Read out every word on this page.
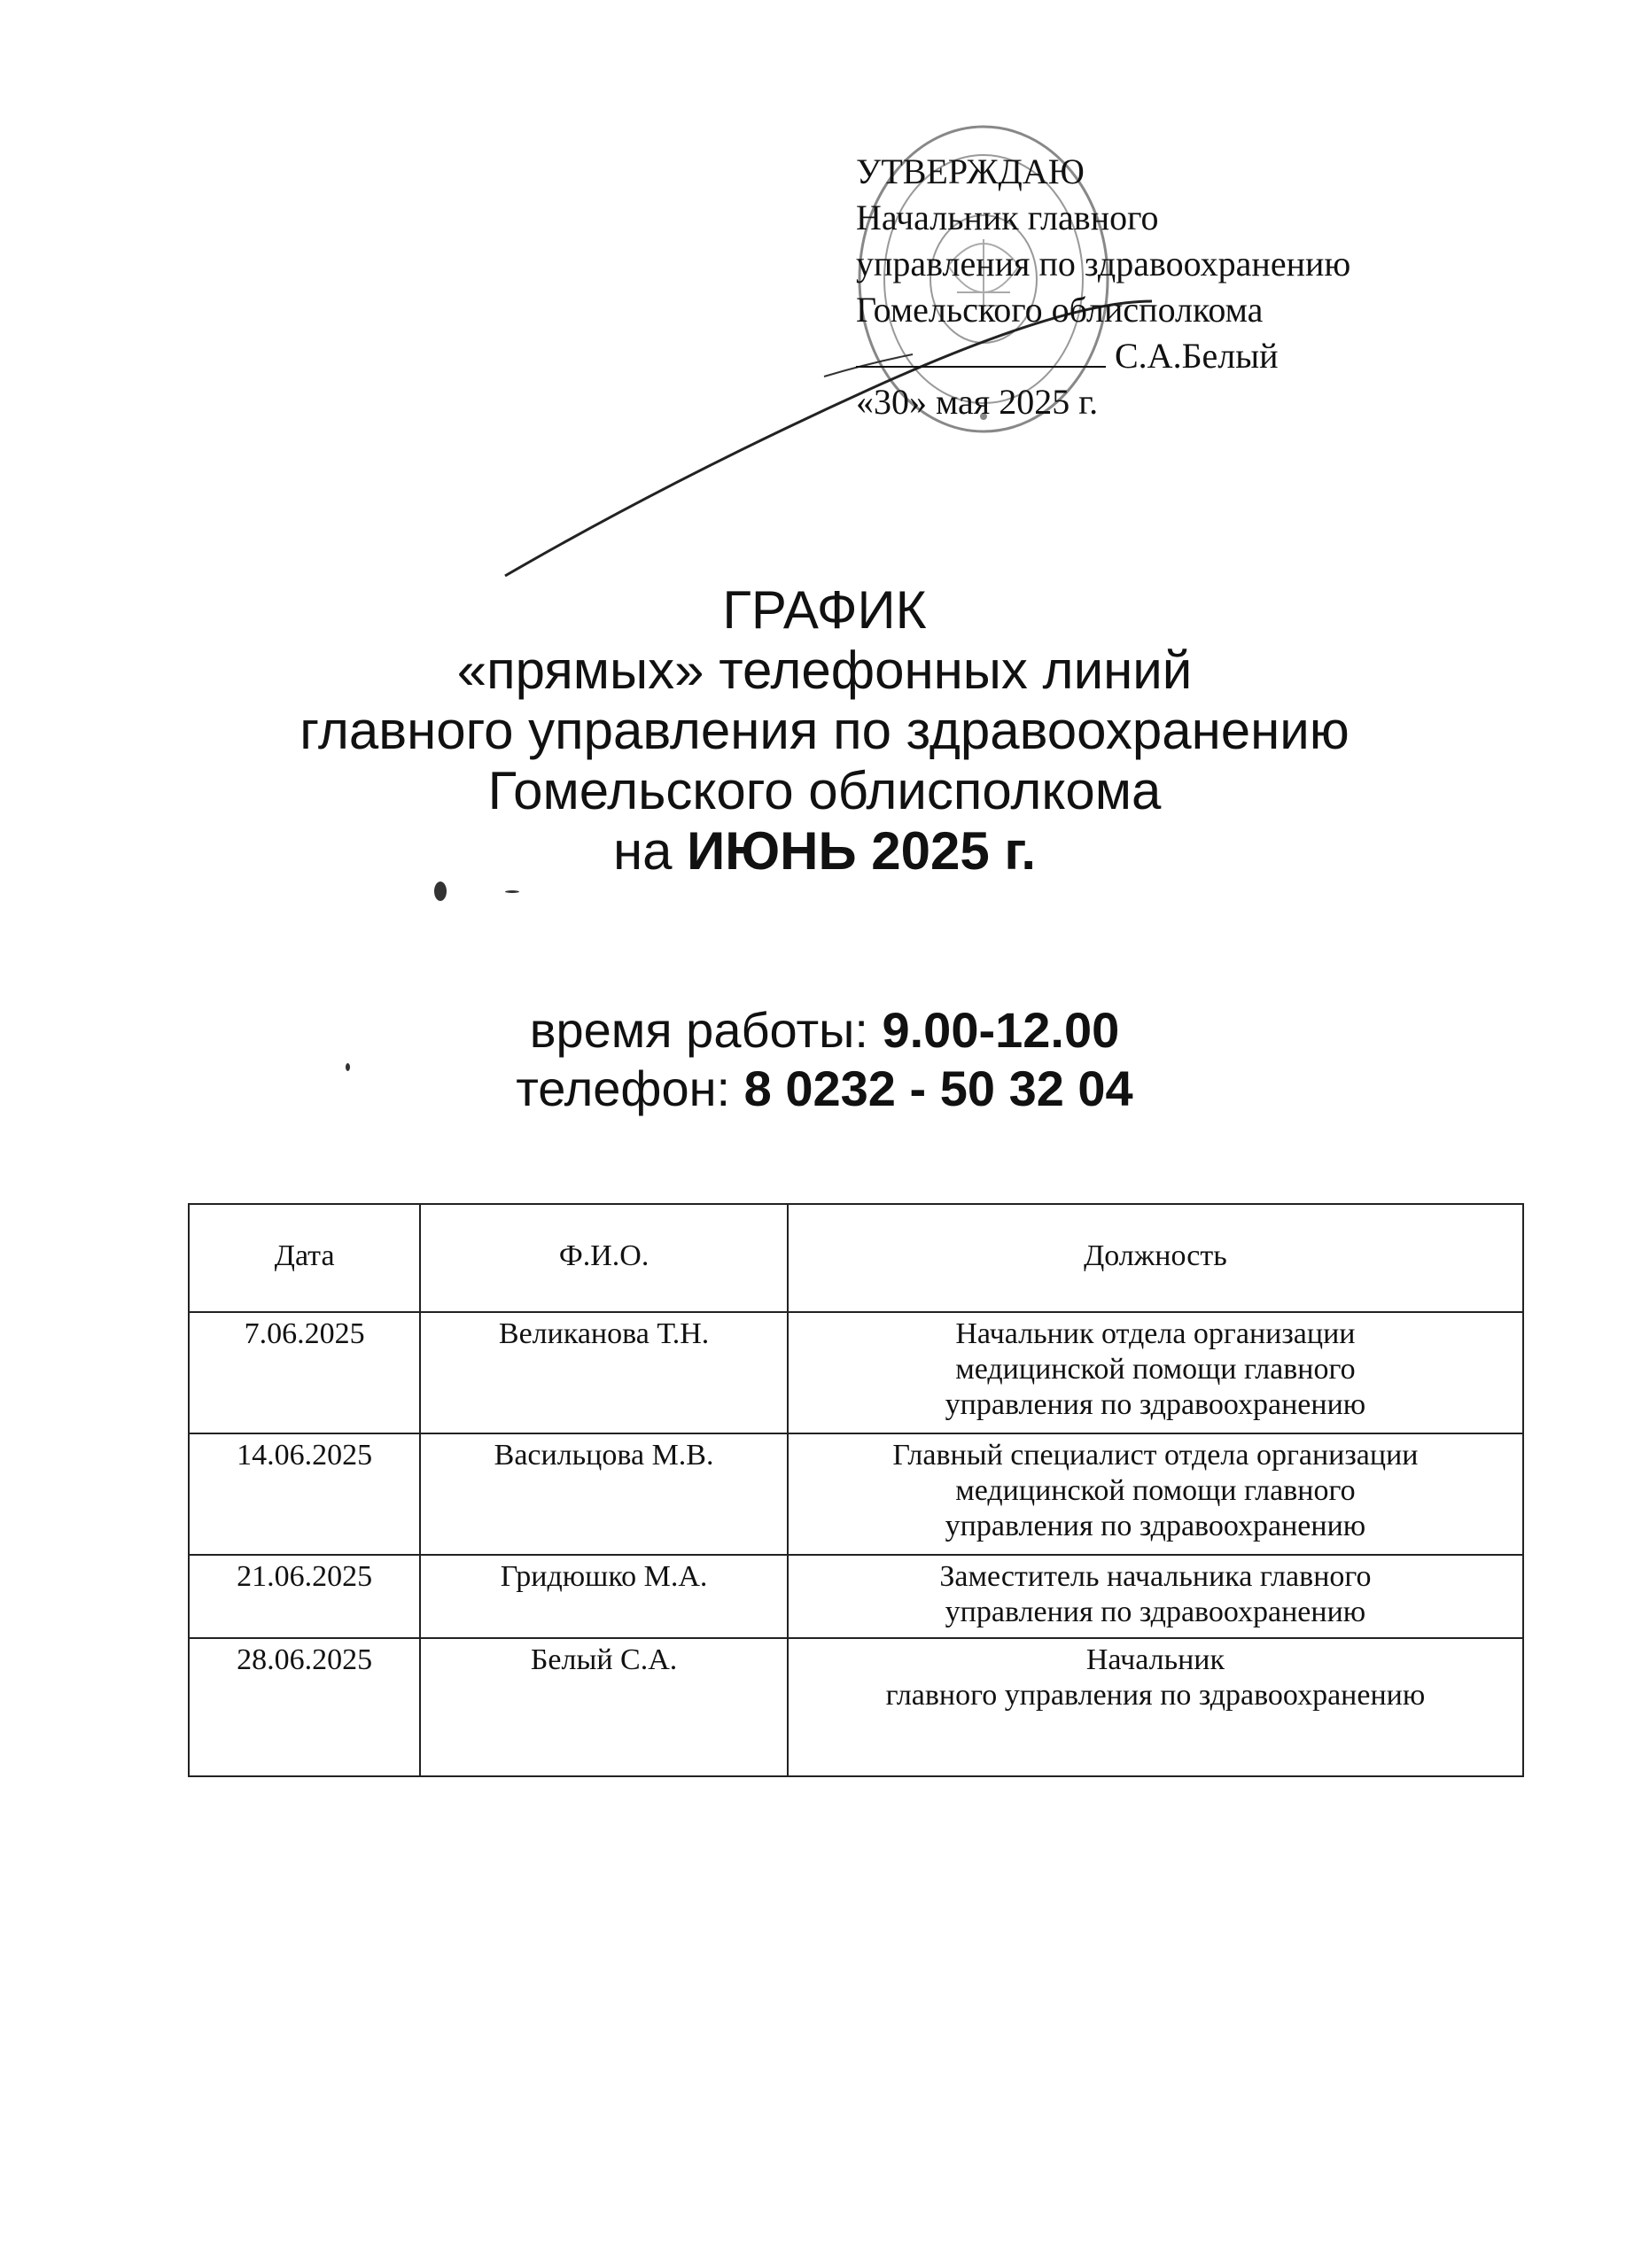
УТВЕРЖДАЮ
Начальник главного
управления по здравоохранению
Гомельского облисполкома
С.А.Белый
«30» мая 2025 г.
ГРАФИК
«прямых» телефонных линий
главного управления по здравоохранению
Гомельского облисполкома
на ИЮНЬ 2025 г.
время работы: 9.00-12.00
телефон: 8 0232 - 50 32 04
Дата	Ф.И.О.	Должность
7.06.2025	Великанова Т.Н.	Начальник отдела организации
медицинской помощи главного
управления по здравоохранению

14.06.2025	Васильцова М.В.	Главный специалист отдела организации
медицинской помощи главного
управления по здравоохранению

21.06.2025	Гридюшко М.А.	Заместитель начальника главного
управления по здравоохранению

28.06.2025	Белый С.А.	Начальник
главного управления по здравоохранению
